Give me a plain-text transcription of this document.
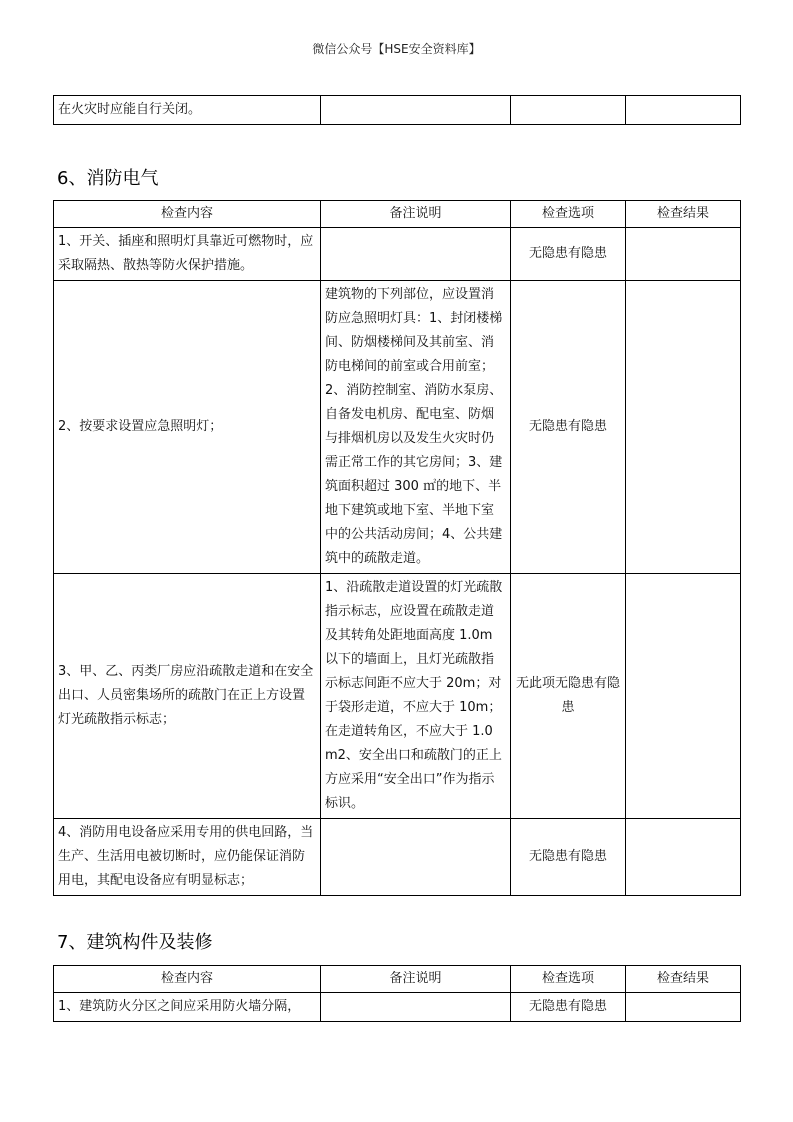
微信公众号【HSE安全资料库】
在火灾时应能自行关闭。			
6、消防电气
检查内容	备注说明	检查选项	检查结果
1、开关、插座和照明灯具靠近可燃物时，应采取隔热、散热等防火保护措施。		无隐患有隐患	
2、按要求设置应急照明灯；	建筑物的下列部位，应设置消防应急照明灯具：1、封闭楼梯间、防烟楼梯间及其前室、消防电梯间的前室或合用前室；2、消防控制室、消防水泵房、自备发电机房、配电室、防烟与排烟机房以及发生火灾时仍需正常工作的其它房间；3、建筑面积超过 300 ㎡的地下、半地下建筑或地下室、半地下室中的公共活动房间；4、公共建筑中的疏散走道。	无隐患有隐患	
3、甲、乙、丙类厂房应沿疏散走道和在安全出口、人员密集场所的疏散门在正上方设置灯光疏散指示标志；	1、沿疏散走道设置的灯光疏散指示标志，应设置在疏散走道及其转角处距地面高度 1.0m 以下的墙面上，且灯光疏散指示标志间距不应大于 20m；对于袋形走道，不应大于 10m；在走道转角区，不应大于 1.0 m2、安全出口和疏散门的正上方应采用“安全出口”作为指示标识。	无此项无隐患有隐患	
4、消防用电设备应采用专用的供电回路，当生产、生活用电被切断时，应仍能保证消防用电，其配电设备应有明显标志；		无隐患有隐患	
7、建筑构件及装修
检查内容	备注说明	检查选项	检查结果
1、建筑防火分区之间应采用防火墙分隔，		无隐患有隐患	
